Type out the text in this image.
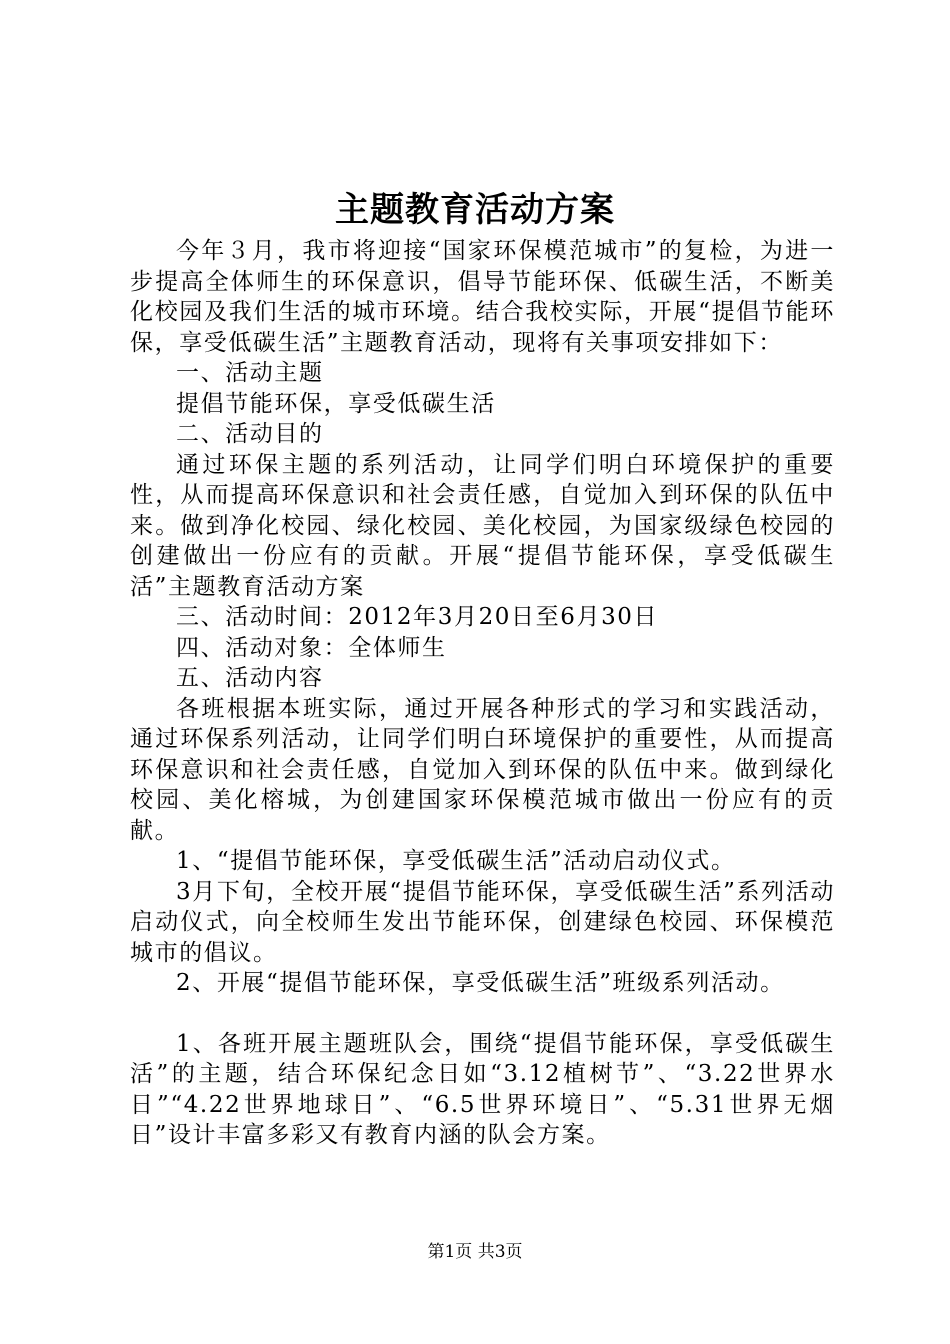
主题教育活动方案

今年３月，我市将迎接“国家环保模范城市”的复检，为进一步提高全体师生的环保意识，倡导节能环保、低碳生活，不断美化校园及我们生活的城市环境。结合我校实际，开展“提倡节能环保，享受低碳生活”主题教育活动，现将有关事项安排如下：

一、活动主题

提倡节能环保，享受低碳生活

二、活动目的

通过环保主题的系列活动，让同学们明白环境保护的重要性，从而提高环保意识和社会责任感，自觉加入到环保的队伍中来。做到净化校园、绿化校园、美化校园，为国家级绿色校园的创建做出一份应有的贡献。开展“提倡节能环保，享受低碳生活”主题教育活动方案

三、活动时间：2012年3月20日至6月30日

四、活动对象：全体师生

五、活动内容

各班根据本班实际，通过开展各种形式的学习和实践活动，通过环保系列活动，让同学们明白环境保护的重要性，从而提高环保意识和社会责任感，自觉加入到环保的队伍中来。做到绿化校园、美化榕城，为创建国家环保模范城市做出一份应有的贡献。

1、“提倡节能环保，享受低碳生活”活动启动仪式。

3月下旬，全校开展“提倡节能环保，享受低碳生活”系列活动启动仪式，向全校师生发出节能环保，创建绿色校园、环保模范城市的倡议。

2、开展“提倡节能环保，享受低碳生活”班级系列活动。

1、各班开展主题班队会，围绕“提倡节能环保，享受低碳生活”的主题，结合环保纪念日如“3.12植树节”、“3.22世界水日”“4.22世界地球日”、“6.5世界环境日”、“5.31世界无烟日”设计丰富多彩又有教育内涵的队会方案。

第1页 共3页
